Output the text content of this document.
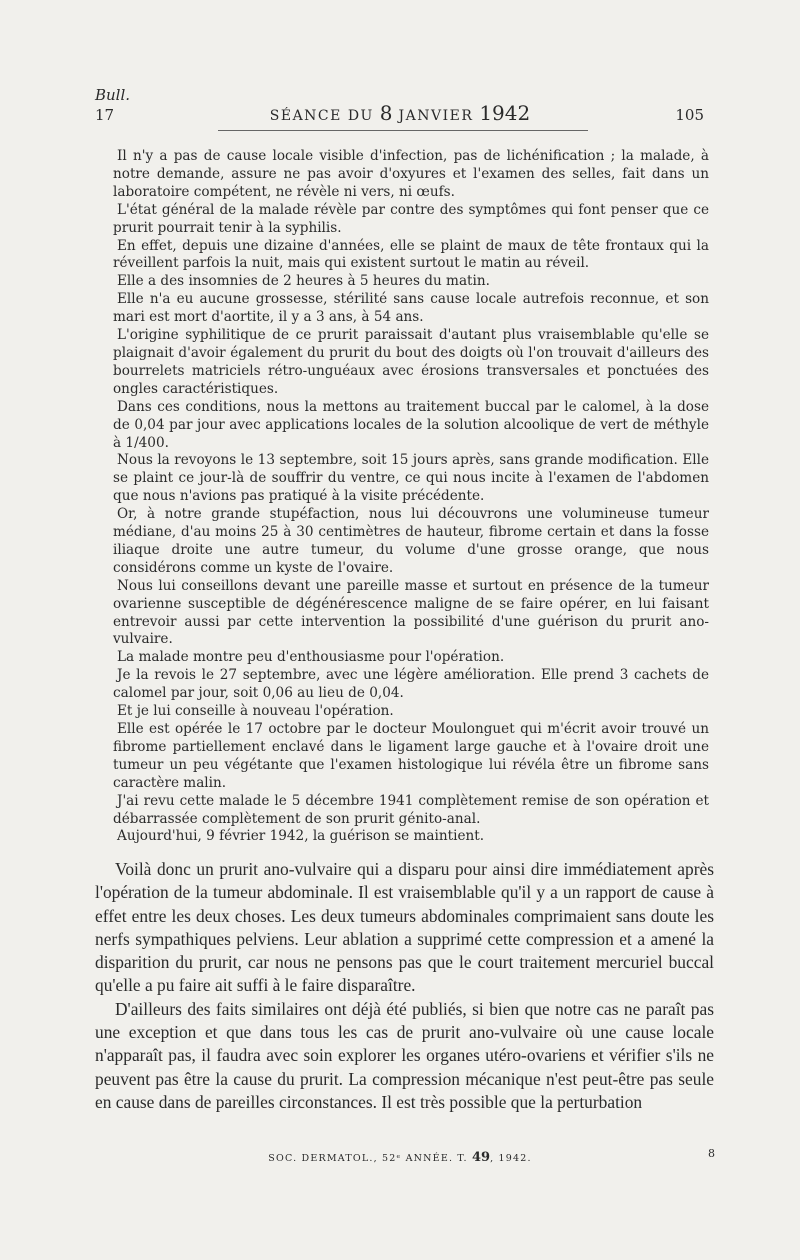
Bull.
17	SÉANCE DU 8 JANVIER 1942	105

Il n'y a pas de cause locale visible d'infection, pas de lichénification ; la malade, à notre demande, assure ne pas avoir d'oxyures et l'examen des selles, fait dans un laboratoire compétent, ne révèle ni vers, ni œufs.

L'état général de la malade révèle par contre des symptômes qui font penser que ce prurit pourrait tenir à la syphilis.

En effet, depuis une dizaine d'années, elle se plaint de maux de tête frontaux qui la réveillent parfois la nuit, mais qui existent surtout le matin au réveil.

Elle a des insomnies de 2 heures à 5 heures du matin.

Elle n'a eu aucune grossesse, stérilité sans cause locale autrefois reconnue, et son mari est mort d'aortite, il y a 3 ans, à 54 ans.

L'origine syphilitique de ce prurit paraissait d'autant plus vraisemblable qu'elle se plaignait d'avoir également du prurit du bout des doigts où l'on trouvait d'ailleurs des bourrelets matriciels rétro-unguéaux avec érosions transversales et ponctuées des ongles caractéristiques.

Dans ces conditions, nous la mettons au traitement buccal par le calomel, à la dose de 0,04 par jour avec applications locales de la solution alcoolique de vert de méthyle à 1/400.

Nous la revoyons le 13 septembre, soit 15 jours après, sans grande modification. Elle se plaint ce jour-là de souffrir du ventre, ce qui nous incite à l'examen de l'abdomen que nous n'avions pas pratiqué à la visite précédente.

Or, à notre grande stupéfaction, nous lui découvrons une volumineuse tumeur médiane, d'au moins 25 à 30 centimètres de hauteur, fibrome certain et dans la fosse iliaque droite une autre tumeur, du volume d'une grosse orange, que nous considérons comme un kyste de l'ovaire.

Nous lui conseillons devant une pareille masse et surtout en présence de la tumeur ovarienne susceptible de dégénérescence maligne de se faire opérer, en lui faisant entrevoir aussi par cette intervention la possibilité d'une guérison du prurit ano-vulvaire.

La malade montre peu d'enthousiasme pour l'opération.

Je la revois le 27 septembre, avec une légère amélioration. Elle prend 3 cachets de calomel par jour, soit 0,06 au lieu de 0,04.

Et je lui conseille à nouveau l'opération.

Elle est opérée le 17 octobre par le docteur Moulonguet qui m'écrit avoir trouvé un fibrome partiellement enclavé dans le ligament large gauche et à l'ovaire droit une tumeur un peu végétante que l'examen histologique lui révéla être un fibrome sans caractère malin.

J'ai revu cette malade le 5 décembre 1941 complètement remise de son opération et débarrassée complètement de son prurit génito-anal.

Aujourd'hui, 9 février 1942, la guérison se maintient.

Voilà donc un prurit ano-vulvaire qui a disparu pour ainsi dire immédiatement après l'opération de la tumeur abdominale. Il est vraisemblable qu'il y a un rapport de cause à effet entre les deux choses. Les deux tumeurs abdominales comprimaient sans doute les nerfs sympathiques pelviens. Leur ablation a supprimé cette compression et a amené la disparition du prurit, car nous ne pensons pas que le court traitement mercuriel buccal qu'elle a pu faire ait suffi à le faire disparaître.

D'ailleurs des faits similaires ont déjà été publiés, si bien que notre cas ne paraît pas une exception et que dans tous les cas de prurit ano-vulvaire où une cause locale n'apparaît pas, il faudra avec soin explorer les organes utéro-ovariens et vérifier s'ils ne peuvent pas être la cause du prurit. La compression mécanique n'est peut-être pas seule en cause dans de pareilles circonstances. Il est très possible que la perturbation

SOC. DERMATOL., 52ᵉ ANNÉE. T. 49, 1942.	8
